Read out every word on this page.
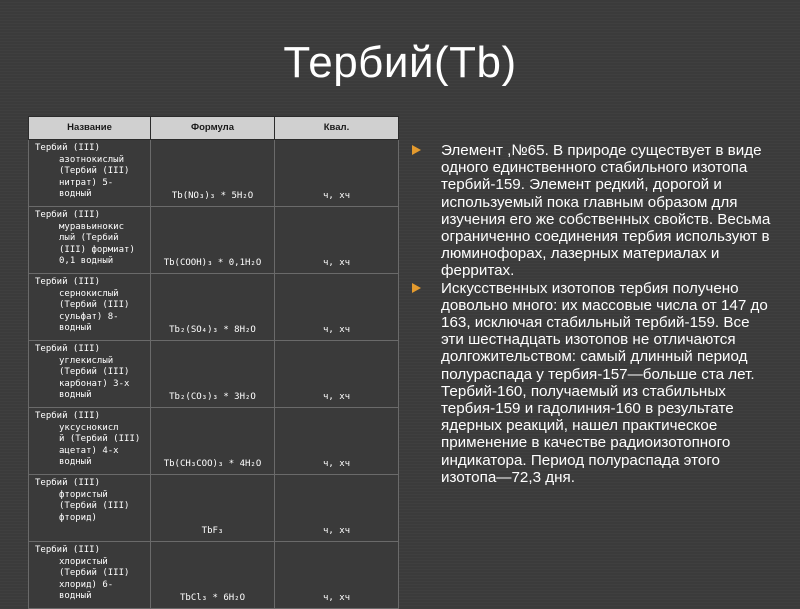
Тербий(Tb)
Название	Формула	Квал.

Тербий (III)
азотнокислый
(Тербий (III)
нитрат) 5-
водный	Tb(NO₃)₃ * 5H₂O	ч, хч

Тербий (III)
муравьинокис
лый (Тербий
(III) формиат)
0,1 водный	Tb(COOH)₃ * 0,1H₂O	ч, хч

Тербий (III)
сернокислый
(Тербий (III)
сульфат) 8-
водный	Tb₂(SO₄)₃ * 8H₂O	ч, хч

Тербий (III)
углекислый
(Тербий (III)
карбонат) 3-х
водный	Tb₂(CO₃)₃ * 3H₂O	ч, хч

Тербий (III)
уксуснокисл
й (Тербий (III)
ацетат) 4-х
водный	Tb(CH₃COO)₃ * 4H₂O	ч, хч

Тербий (III)
фтористый
(Тербий (III)
фторид)	TbF₃	ч, хч

Тербий (III)
хлористый
(Тербий (III)
хлорид) 6-
водный	TbCl₃ * 6H₂O	ч, хч
Элемент ,№65. В природе существует в виде одного единственного стабильного изотопа тербий-159. Элемент редкий, дорогой и используемый пока главным образом для изучения его же собственных свойств. Весьма ограниченно соединения тербия используют в люминофорах, лазерных материалах и ферритах.
Искусственных изотопов тербия получено довольно много: их массовые числа от 147 до 163, исключая стабильный тербий-159. Все эти шестнадцать изотопов не отличаются долгожительством: самый длинный период полураспада у тербия-157—больше ста лет. Тербий-160, получаемый из стабильных тербия-159 и гадолиния-160 в результате ядерных реакций, нашел практическое применение в качестве радиоизотопного индикатора. Период полураспада этого изотопа—72,3 дня.
